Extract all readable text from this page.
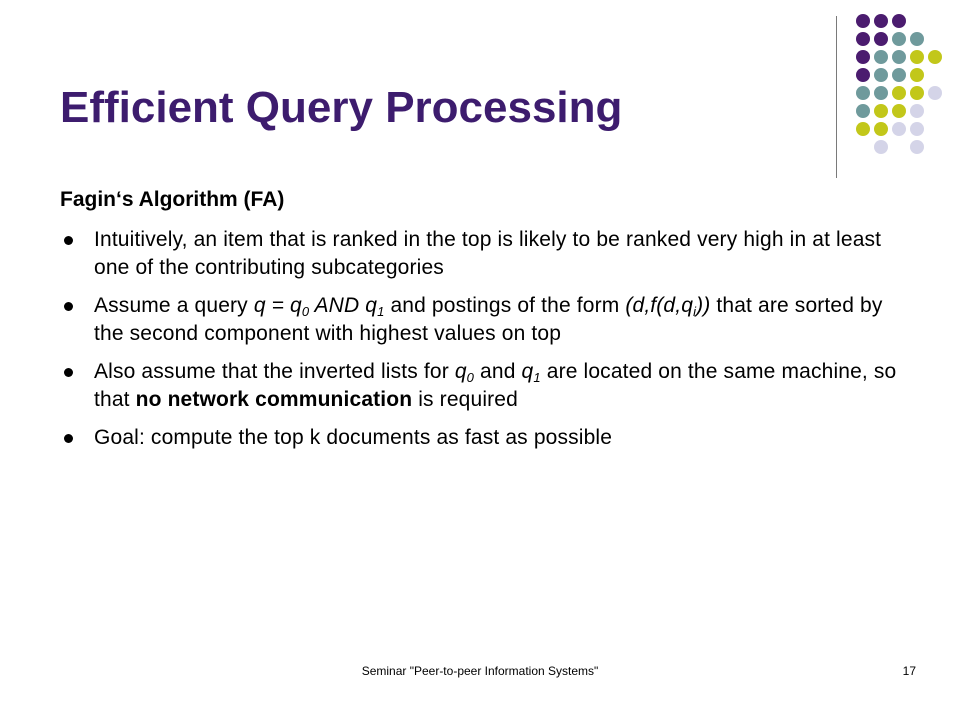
Efficient Query Processing

Fagin‘s Algorithm (FA)

Intuitively, an item that is ranked in the top is likely to be ranked very high in at least one of the contributing subcategories
Assume a query $q = q_0$ AND $q_1$ and postings of the form $(d,f(d,q_i))$ that are sorted by the second component with highest values on top
Also assume that the inverted lists for $q_0$ and $q_1$ are located on the same machine, so that no network communication is required
Goal: compute the top k documents as fast as possible
Seminar "Peer-to-peer Information Systems"	17
